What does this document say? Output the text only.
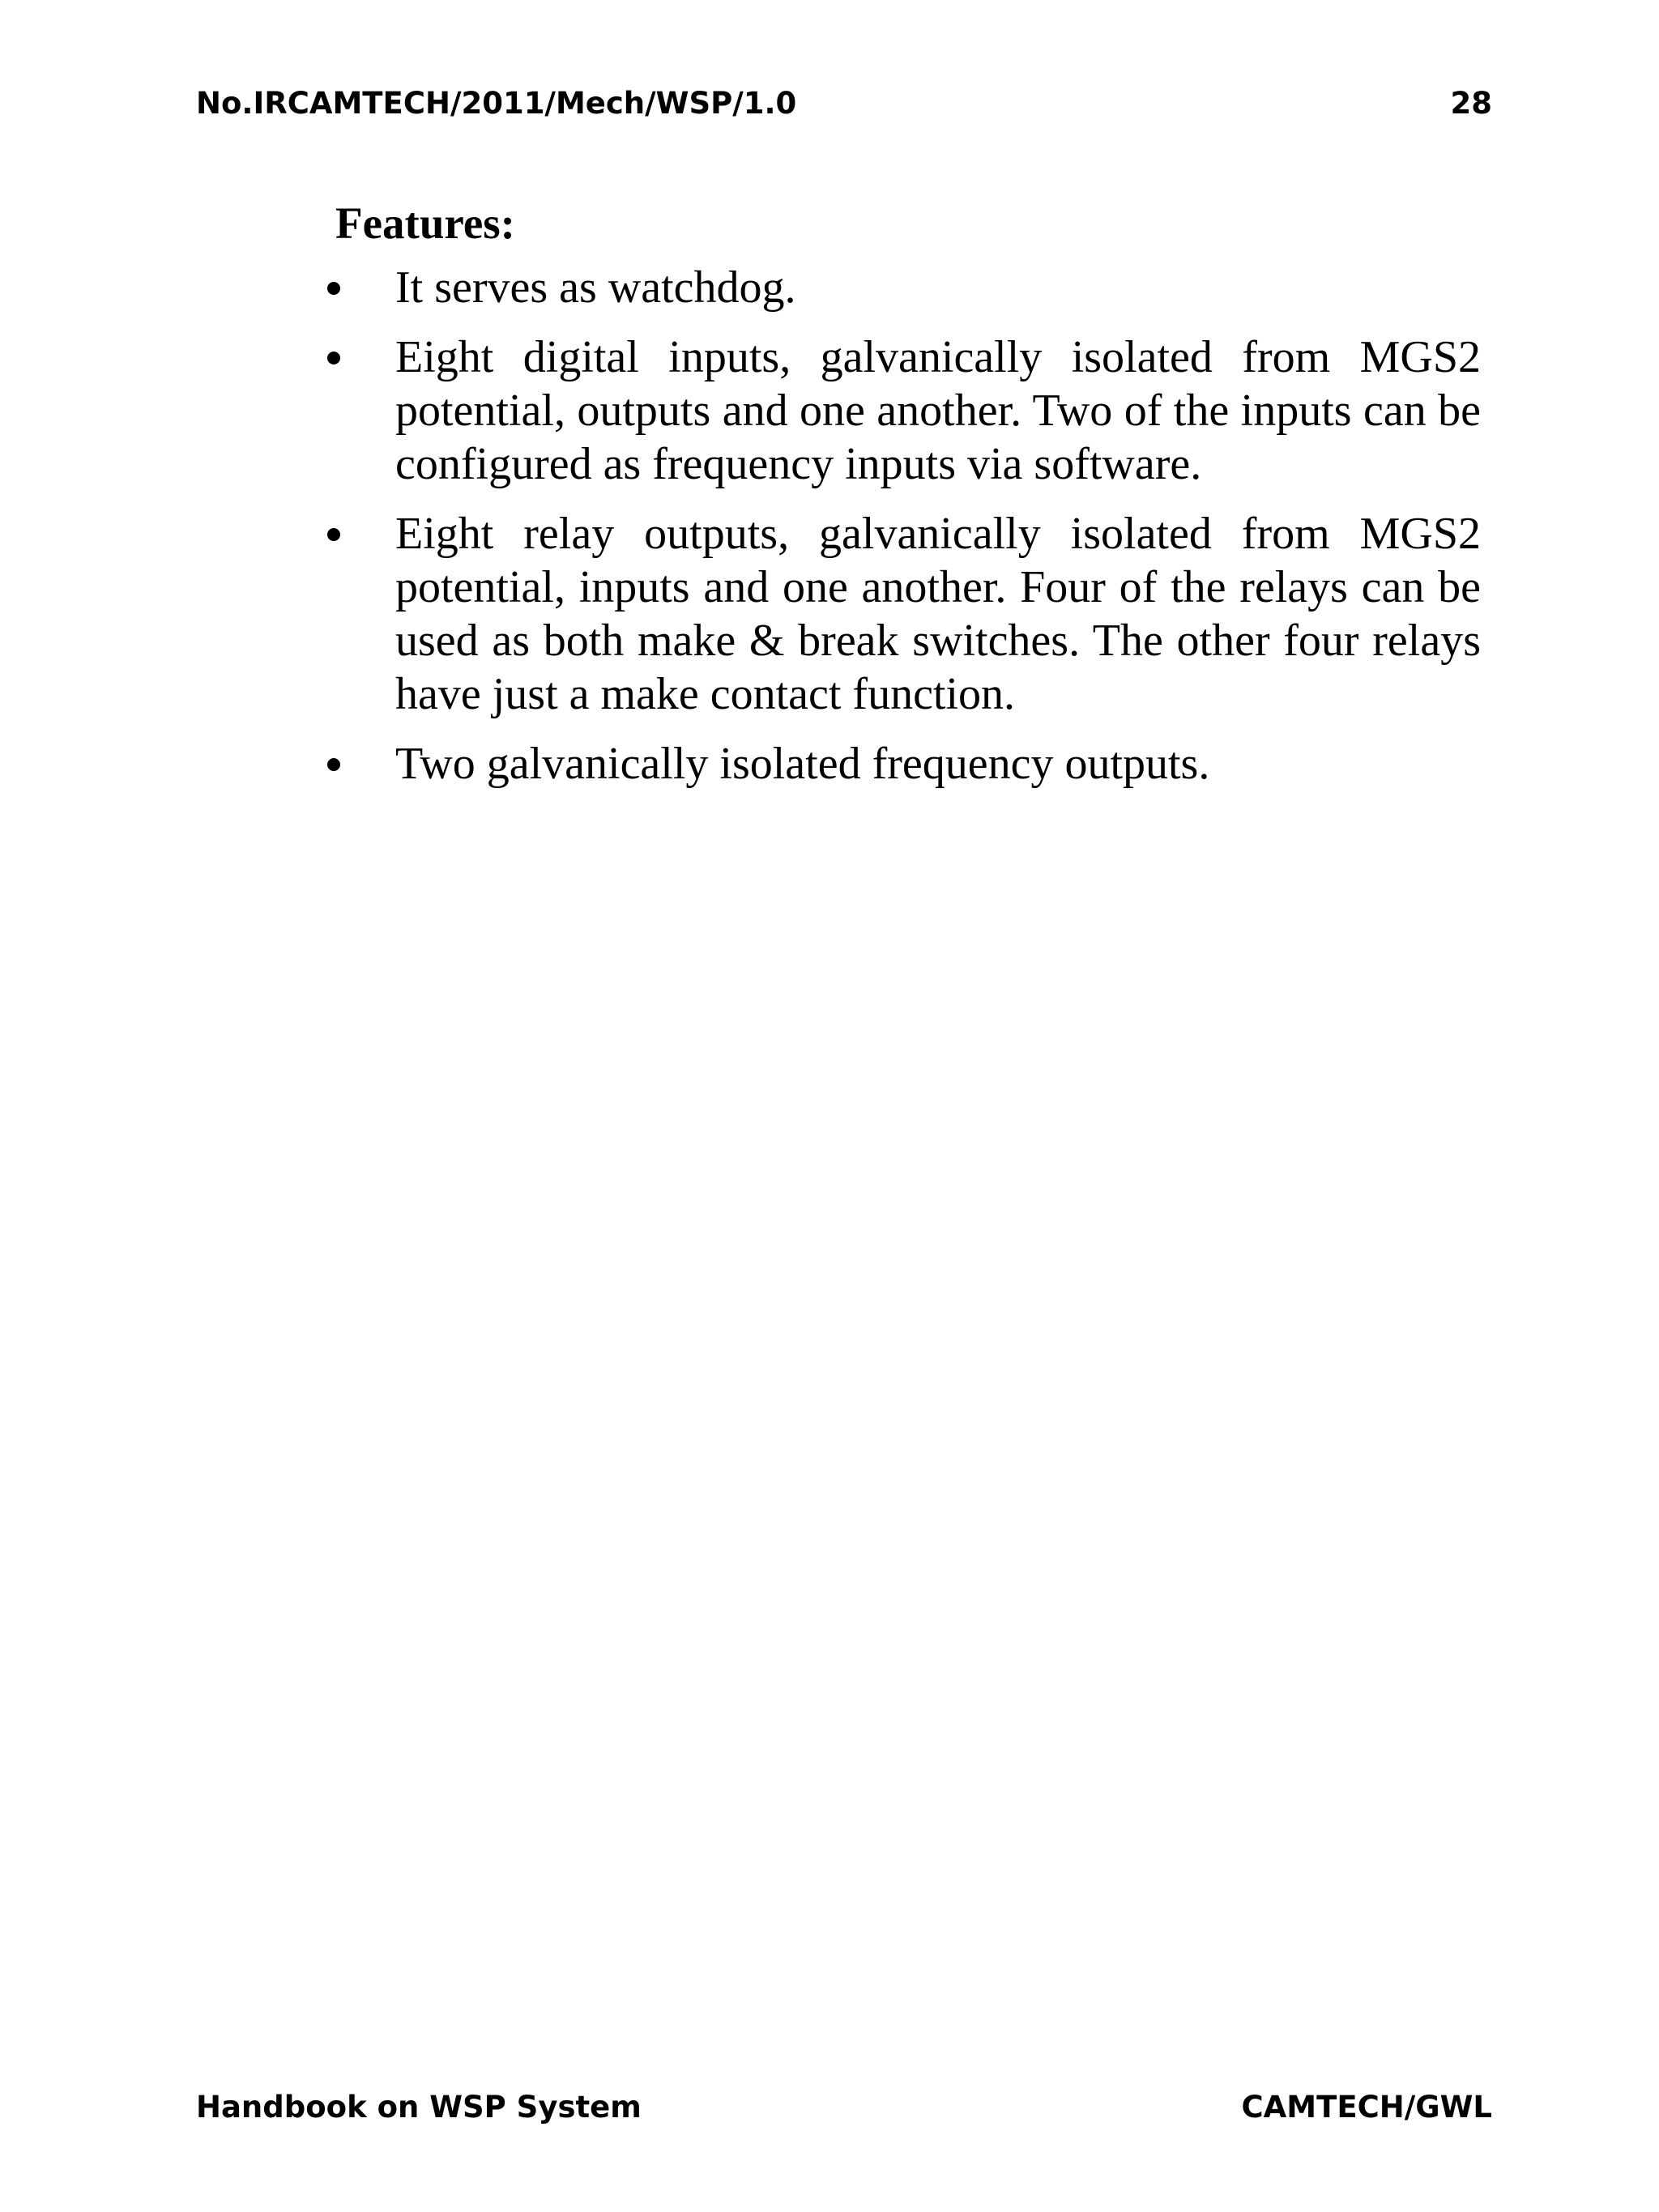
No.IRCAMTECH/2011/Mech/WSP/1.0	28
Features:
It serves as watchdog.
Eight digital inputs, galvanically isolated from MGS2 potential, outputs and one another. Two of the inputs can be configured as frequency inputs via software.
Eight relay outputs, galvanically isolated from MGS2 potential, inputs and one another. Four of the relays can be used as both make & break switches. The other four relays have just a make contact function.
Two galvanically isolated frequency outputs.
Handbook on WSP System	CAMTECH/GWL
